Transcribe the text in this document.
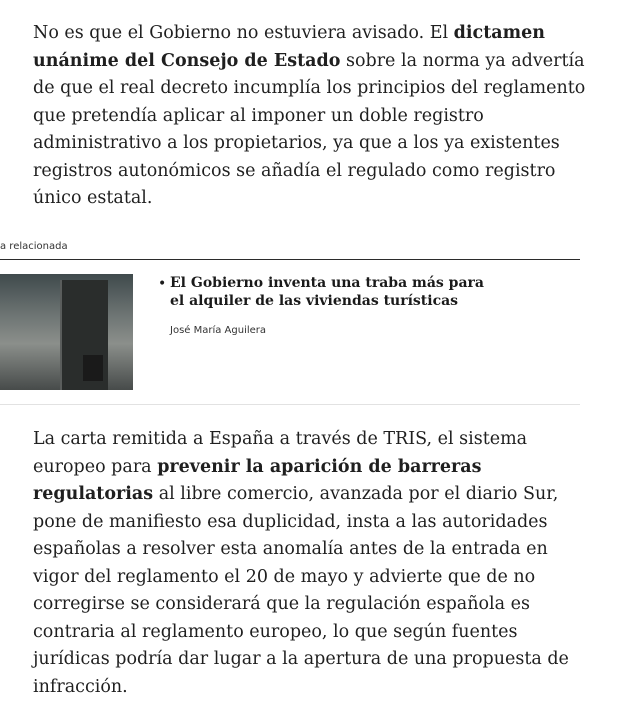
No es que el Gobierno no estuviera avisado. El dictamen unánime del Consejo de Estado sobre la norma ya advertía de que el real decreto incumplía los principios del reglamento que pretendía aplicar al imponer un doble registro administrativo a los propietarios, ya que a los ya existentes registros autonómicos se añadía el regulado como registro único estatal.

a relacionada
• El Gobierno inventa una traba más para el alquiler de las viviendas turísticas
José María Aguilera

La carta remitida a España a través de TRIS, el sistema europeo para prevenir la aparición de barreras regulatorias al libre comercio, avanzada por el diario Sur, pone de manifiesto esa duplicidad, insta a las autoridades españolas a resolver esta anomalía antes de la entrada en vigor del reglamento el 20 de mayo y advierte que de no corregirse se considerará que la regulación española es contraria al reglamento europeo, lo que según fuentes jurídicas podría dar lugar a la apertura de una propuesta de infracción.
